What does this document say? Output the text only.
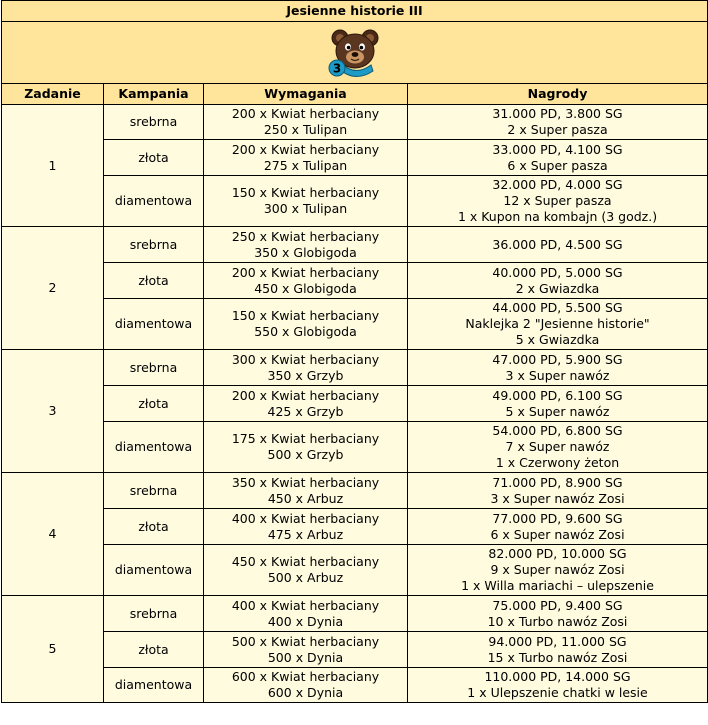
Jesienne historie III			

3			

Zadanie	Kampania	Wymagania	Nagrody
1	srebrna	200 x Kwiat herbaciany
250 x Tulipan	31.000 PD, 3.800 SG
2 x Super pasza

	złota	200 x Kwiat herbaciany
275 x Tulipan	33.000 PD, 4.100 SG
6 x Super pasza

	diamentowa	150 x Kwiat herbaciany
300 x Tulipan	32.000 PD, 4.000 SG
12 x Super pasza
1 x Kupon na kombajn (3 godz.)

2	srebrna	250 x Kwiat herbaciany
350 x Globigoda	36.000 PD, 4.500 SG

	złota	200 x Kwiat herbaciany
450 x Globigoda	40.000 PD, 5.000 SG
2 x Gwiazdka

	diamentowa	150 x Kwiat herbaciany
550 x Globigoda	44.000 PD, 5.500 SG
Naklejka 2 "Jesienne historie"
5 x Gwiazdka

3	srebrna	300 x Kwiat herbaciany
350 x Grzyb	47.000 PD, 5.900 SG
3 x Super nawóz

	złota	200 x Kwiat herbaciany
425 x Grzyb	49.000 PD, 6.100 SG
5 x Super nawóz

	diamentowa	175 x Kwiat herbaciany
500 x Grzyb	54.000 PD, 6.800 SG
7 x Super nawóz
1 x Czerwony żeton

4	srebrna	350 x Kwiat herbaciany
450 x Arbuz	71.000 PD, 8.900 SG
3 x Super nawóz Zosi

	złota	400 x Kwiat herbaciany
475 x Arbuz	77.000 PD, 9.600 SG
6 x Super nawóz Zosi

	diamentowa	450 x Kwiat herbaciany
500 x Arbuz	82.000 PD, 10.000 SG
9 x Super nawóz Zosi
1 x Willa mariachi – ulepszenie

5	srebrna	400 x Kwiat herbaciany
400 x Dynia	75.000 PD, 9.400 SG
10 x Turbo nawóz Zosi

	złota	500 x Kwiat herbaciany
500 x Dynia	94.000 PD, 11.000 SG
15 x Turbo nawóz Zosi

	diamentowa	600 x Kwiat herbaciany
600 x Dynia	110.000 PD, 14.000 SG
1 x Ulepszenie chatki w lesie
